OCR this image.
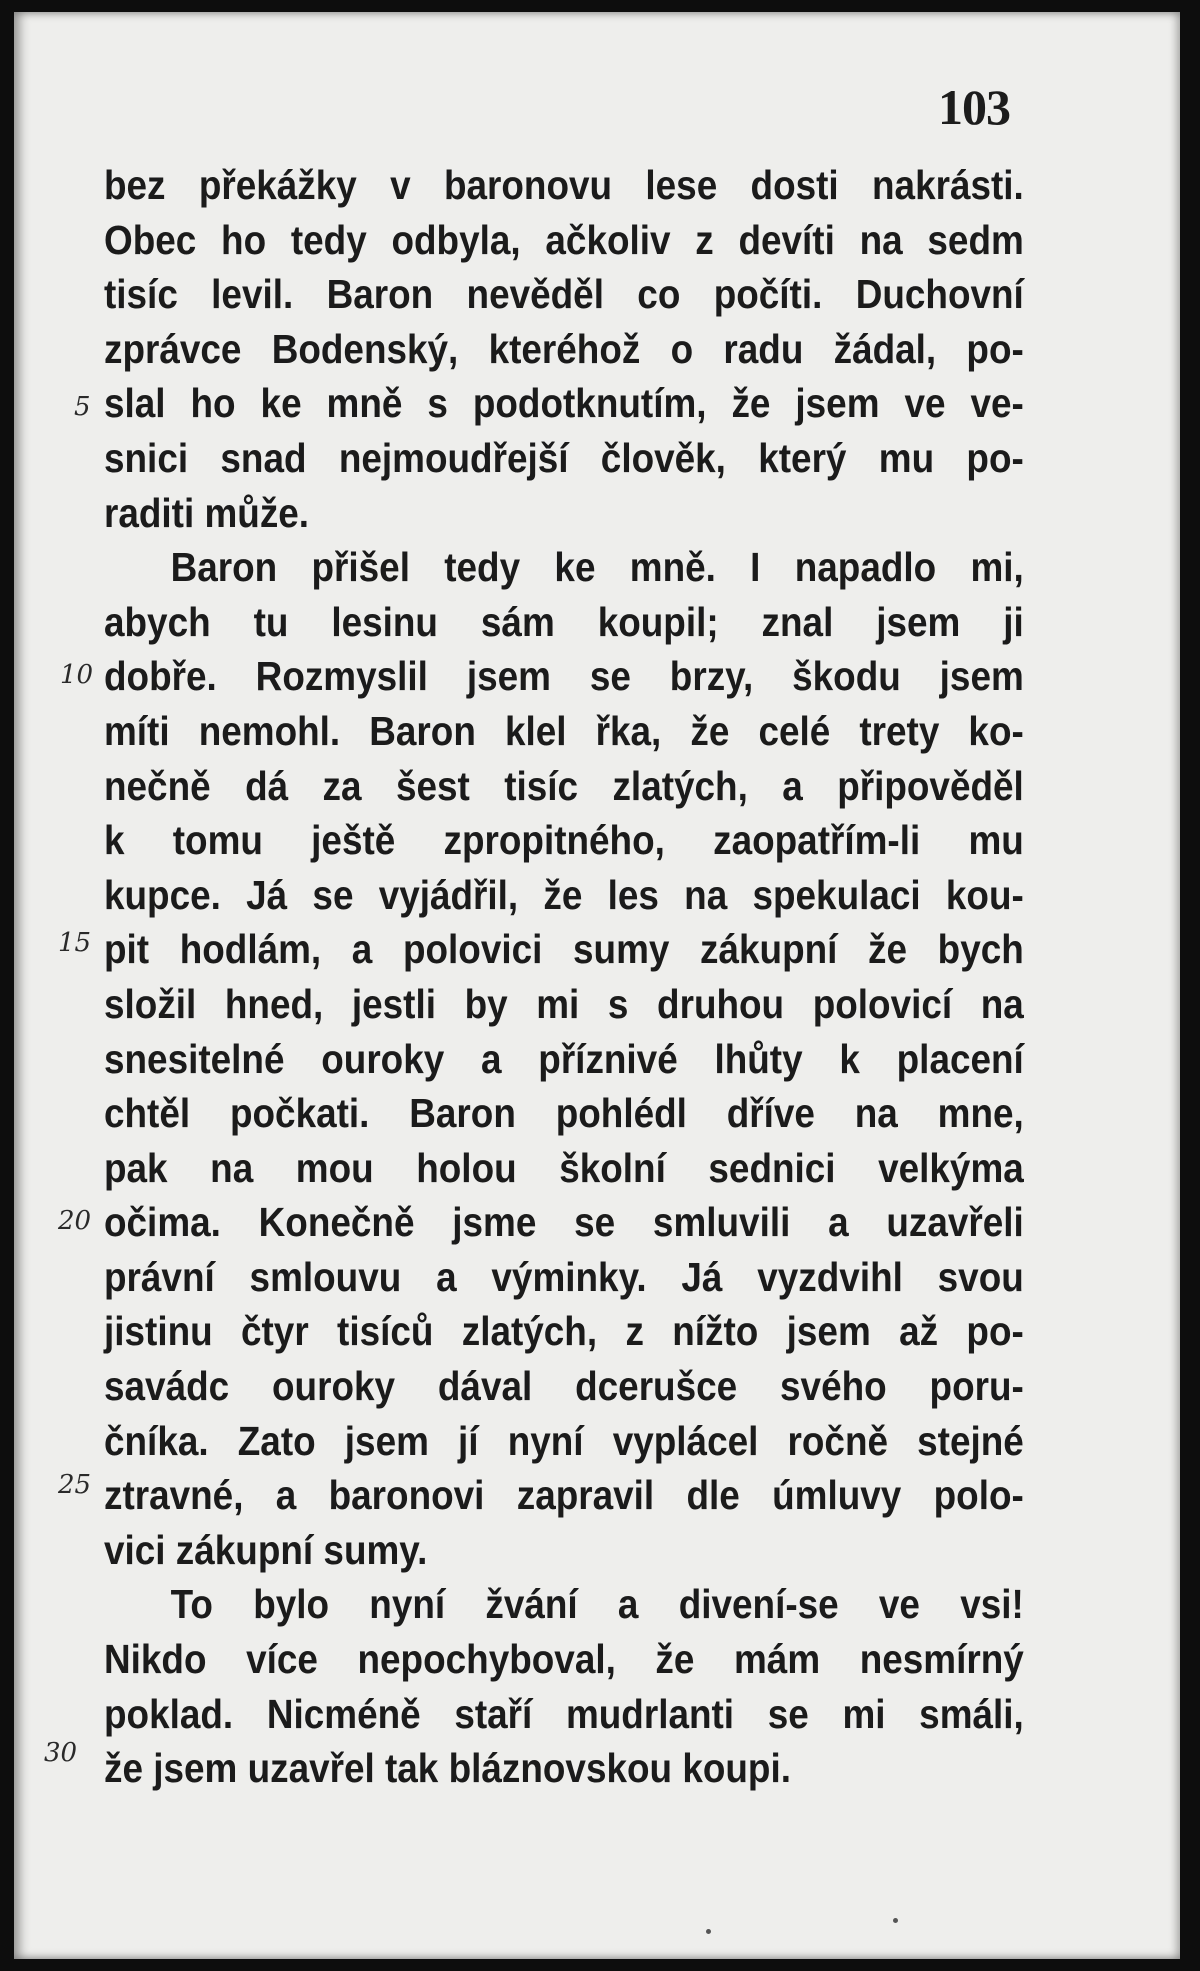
103
bez překážky v baronovu lese dosti nakrásti.
Obec ho tedy odbyla, ačkoliv z devíti na sedm
tisíc levil. Baron nevěděl co počíti. Duchovní
zprávce Bodenský, kteréhož o radu žádal, po-
slal ho ke mně s podotknutím, že jsem ve ve-
snici snad nejmoudřejší člověk, který mu po-
raditi může.
Baron přišel tedy ke mně. I napadlo mi,
abych tu lesinu sám koupil; znal jsem ji
dobře. Rozmyslil jsem se brzy, škodu jsem
míti nemohl. Baron klel řka, že celé trety ko-
nečně dá za šest tisíc zlatých, a připověděl
k tomu ještě zpropitného, zaopatřím-li mu
kupce. Já se vyjádřil, že les na spekulaci kou-
pit hodlám, a polovici sumy zákupní že bych
složil hned, jestli by mi s druhou polovicí na
snesitelné ouroky a příznivé lhůty k placení
chtěl počkati. Baron pohlédl dříve na mne,
pak na mou holou školní sednici velkýma
očima. Konečně jsme se smluvili a uzavřeli
právní smlouvu a výminky. Já vyzdvihl svou
jistinu čtyr tisíců zlatých, z nížto jsem až po-
savádc ouroky dával dcerušce svého poru-
čníka. Zato jsem jí nyní vyplácel ročně stejné
ztravné, a baronovi zapravil dle úmluvy polo-
vici zákupní sumy.
To bylo nyní žvání a divení-se ve vsi!
Nikdo více nepochyboval, že mám nesmírný
poklad. Nicméně staří mudrlanti se mi smáli,
že jsem uzavřel tak bláznovskou koupi.
5
10
15
20
25
30
